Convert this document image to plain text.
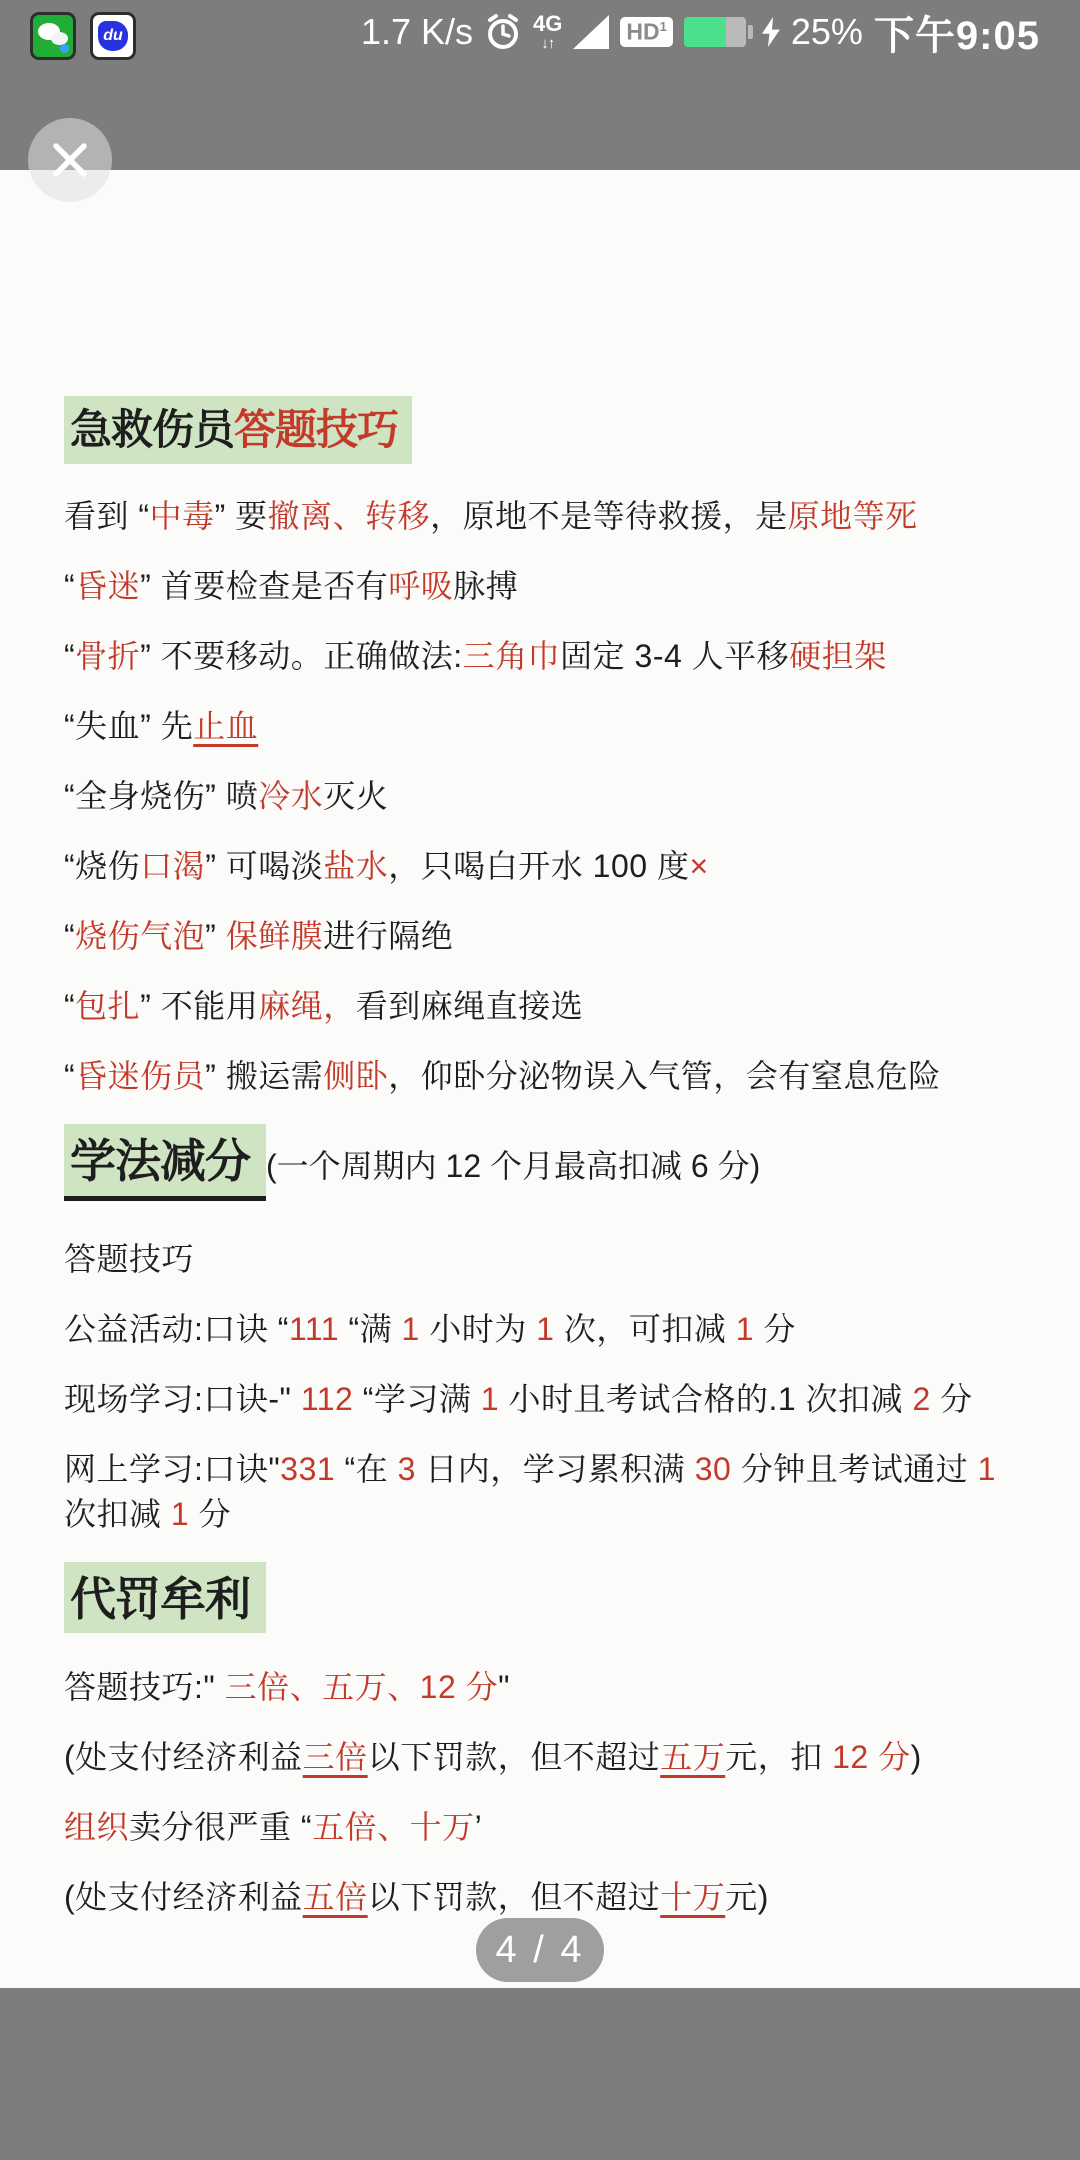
du	1.7 K/s	4G
↓↑	$HD^1$	25% 下午9:05
急救伤员答题技巧
看到 “中毒” 要撤离、转移，原地不是等待救援，是原地等死
“昏迷” 首要检查是否有呼吸脉搏
“骨折” 不要移动。正确做法:三角巾固定 3-4 人平移硬担架
“失血” 先止血
“全身烧伤” 喷冷水灭火
“烧伤口渴” 可喝淡盐水，只喝白开水 100 度×
“烧伤气泡” 保鲜膜进行隔绝
“包扎” 不能用麻绳，看到麻绳直接选
“昏迷伤员” 搬运需侧卧，仰卧分泌物误入气管，会有窒息危险
学法减分 (一个周期内 12 个月最高扣减 6 分)
答题技巧
公益活动:口诀 “111 “满 1 小时为 1 次，可扣减 1 分
现场学习:口诀-" 112 “学习满 1 小时且考试合格的.1 次扣减 2 分
网上学习:口诀"331 “在 3 日内，学习累积满 30 分钟且考试通过 1 次扣减 1 分
代罚牟利
答题技巧:" 三倍、五万、12 分"
(处支付经济利益三倍以下罚款，但不超过五万元，扣 12 分)
组织卖分很严重 “五倍、十万’
(处支付经济利益五倍以下罚款，但不超过十万元)
4 / 4
